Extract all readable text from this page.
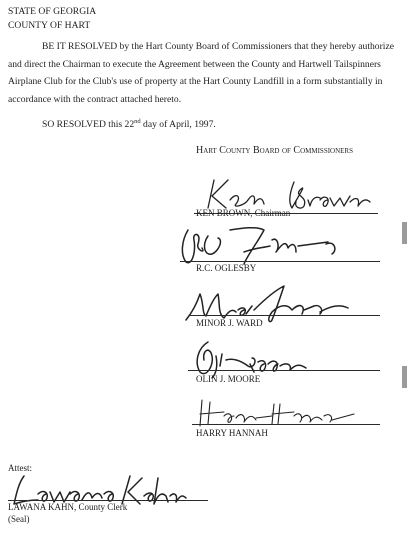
STATE OF GEORGIA
COUNTY OF HART
BE IT RESOLVED by the Hart County Board of Commissioners that they hereby authorize and direct the Chairman to execute the Agreement between the County and Hartwell Tailspinners Airplane Club for the Club's use of property at the Hart County Landfill in a form substantially in accordance with the contract attached hereto.
SO RESOLVED this 22nd day of April, 1997.
Hart County Board of Commissioners
KEN BROWN, Chairman
R.C. OGLESBY
MINOR J. WARD
OLIN J. MOORE
HARRY HANNAH
Attest:
LAWANA KAHN, County Clerk
(Seal)
